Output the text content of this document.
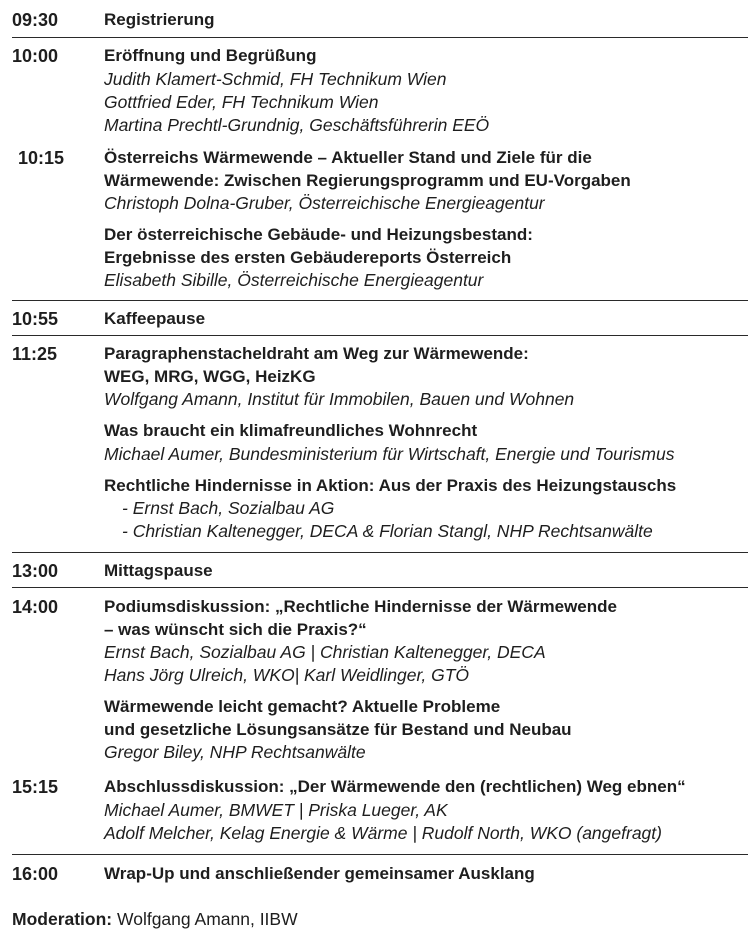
09:30	Registrierung
10:00	Eröffnung und Begrüßung
Judith Klamert-Schmid, FH Technikum Wien
Gottfried Eder, FH Technikum Wien
Martina Prechtl-Grundnig, Geschäftsführerin EEÖ
10:15 Österreichs Wärmewende – Aktueller Stand und Ziele für die
Wärmewende: Zwischen Regierungsprogramm und EU-Vorgaben
Christoph Dolna-Gruber, Österreichische Energieagentur
Der österreichische Gebäude- und Heizungsbestand:
Ergebnisse des ersten Gebäudereports Österreich
Elisabeth Sibille, Österreichische Energieagentur
10:55	Kaffeepause
11:25	Paragraphenstacheldraht am Weg zur Wärmewende:
WEG, MRG, WGG, HeizKG
Wolfgang Amann, Institut für Immobilen, Bauen und Wohnen
Was braucht ein klimafreundliches Wohnrecht
Michael Aumer, Bundesministerium für Wirtschaft, Energie und Tourismus
Rechtliche Hindernisse in Aktion: Aus der Praxis des Heizungstauschs
- Ernst Bach, Sozialbau AG
- Christian Kaltenegger, DECA & Florian Stangl, NHP Rechtsanwälte
13:00	Mittagspause
14:00	Podiumsdiskussion: „Rechtliche Hindernisse der Wärmewende
– was wünscht sich die Praxis?“
Ernst Bach, Sozialbau AG | Christian Kaltenegger, DECA
Hans Jörg Ulreich, WKO| Karl Weidlinger, GTÖ
Wärmewende leicht gemacht? Aktuelle Probleme
und gesetzliche Lösungsansätze für Bestand und Neubau
Gregor Biley, NHP Rechtsanwälte
15:15	Abschlussdiskussion: „Der Wärmewende den (rechtlichen) Weg ebnen“
Michael Aumer, BMWET | Priska Lueger, AK
Adolf Melcher, Kelag Energie & Wärme | Rudolf North, WKO (angefragt)
16:00	Wrap-Up und anschließender gemeinsamer Ausklang
Moderation: Wolfgang Amann, IIBW
